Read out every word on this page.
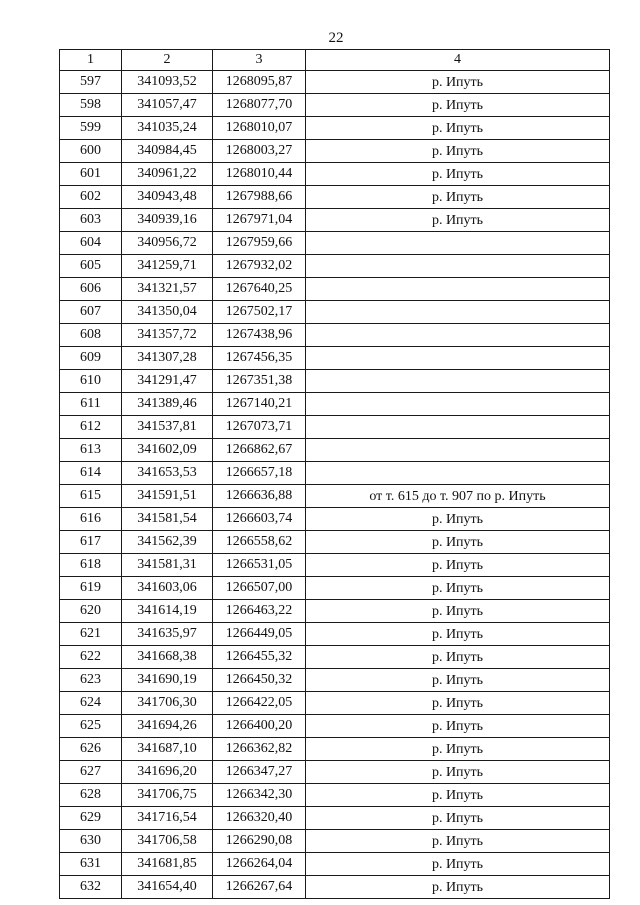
22
1	2	3	4
597	341093,52	1268095,87	р. Ипуть
598	341057,47	1268077,70	р. Ипуть
599	341035,24	1268010,07	р. Ипуть
600	340984,45	1268003,27	р. Ипуть
601	340961,22	1268010,44	р. Ипуть
602	340943,48	1267988,66	р. Ипуть
603	340939,16	1267971,04	р. Ипуть
604	340956,72	1267959,66	
605	341259,71	1267932,02	
606	341321,57	1267640,25	
607	341350,04	1267502,17	
608	341357,72	1267438,96	
609	341307,28	1267456,35	
610	341291,47	1267351,38	
611	341389,46	1267140,21	
612	341537,81	1267073,71	
613	341602,09	1266862,67	
614	341653,53	1266657,18	
615	341591,51	1266636,88	от т. 615 до т. 907 по р. Ипуть
616	341581,54	1266603,74	р. Ипуть
617	341562,39	1266558,62	р. Ипуть
618	341581,31	1266531,05	р. Ипуть
619	341603,06	1266507,00	р. Ипуть
620	341614,19	1266463,22	р. Ипуть
621	341635,97	1266449,05	р. Ипуть
622	341668,38	1266455,32	р. Ипуть
623	341690,19	1266450,32	р. Ипуть
624	341706,30	1266422,05	р. Ипуть
625	341694,26	1266400,20	р. Ипуть
626	341687,10	1266362,82	р. Ипуть
627	341696,20	1266347,27	р. Ипуть
628	341706,75	1266342,30	р. Ипуть
629	341716,54	1266320,40	р. Ипуть
630	341706,58	1266290,08	р. Ипуть
631	341681,85	1266264,04	р. Ипуть
632	341654,40	1266267,64	р. Ипуть
